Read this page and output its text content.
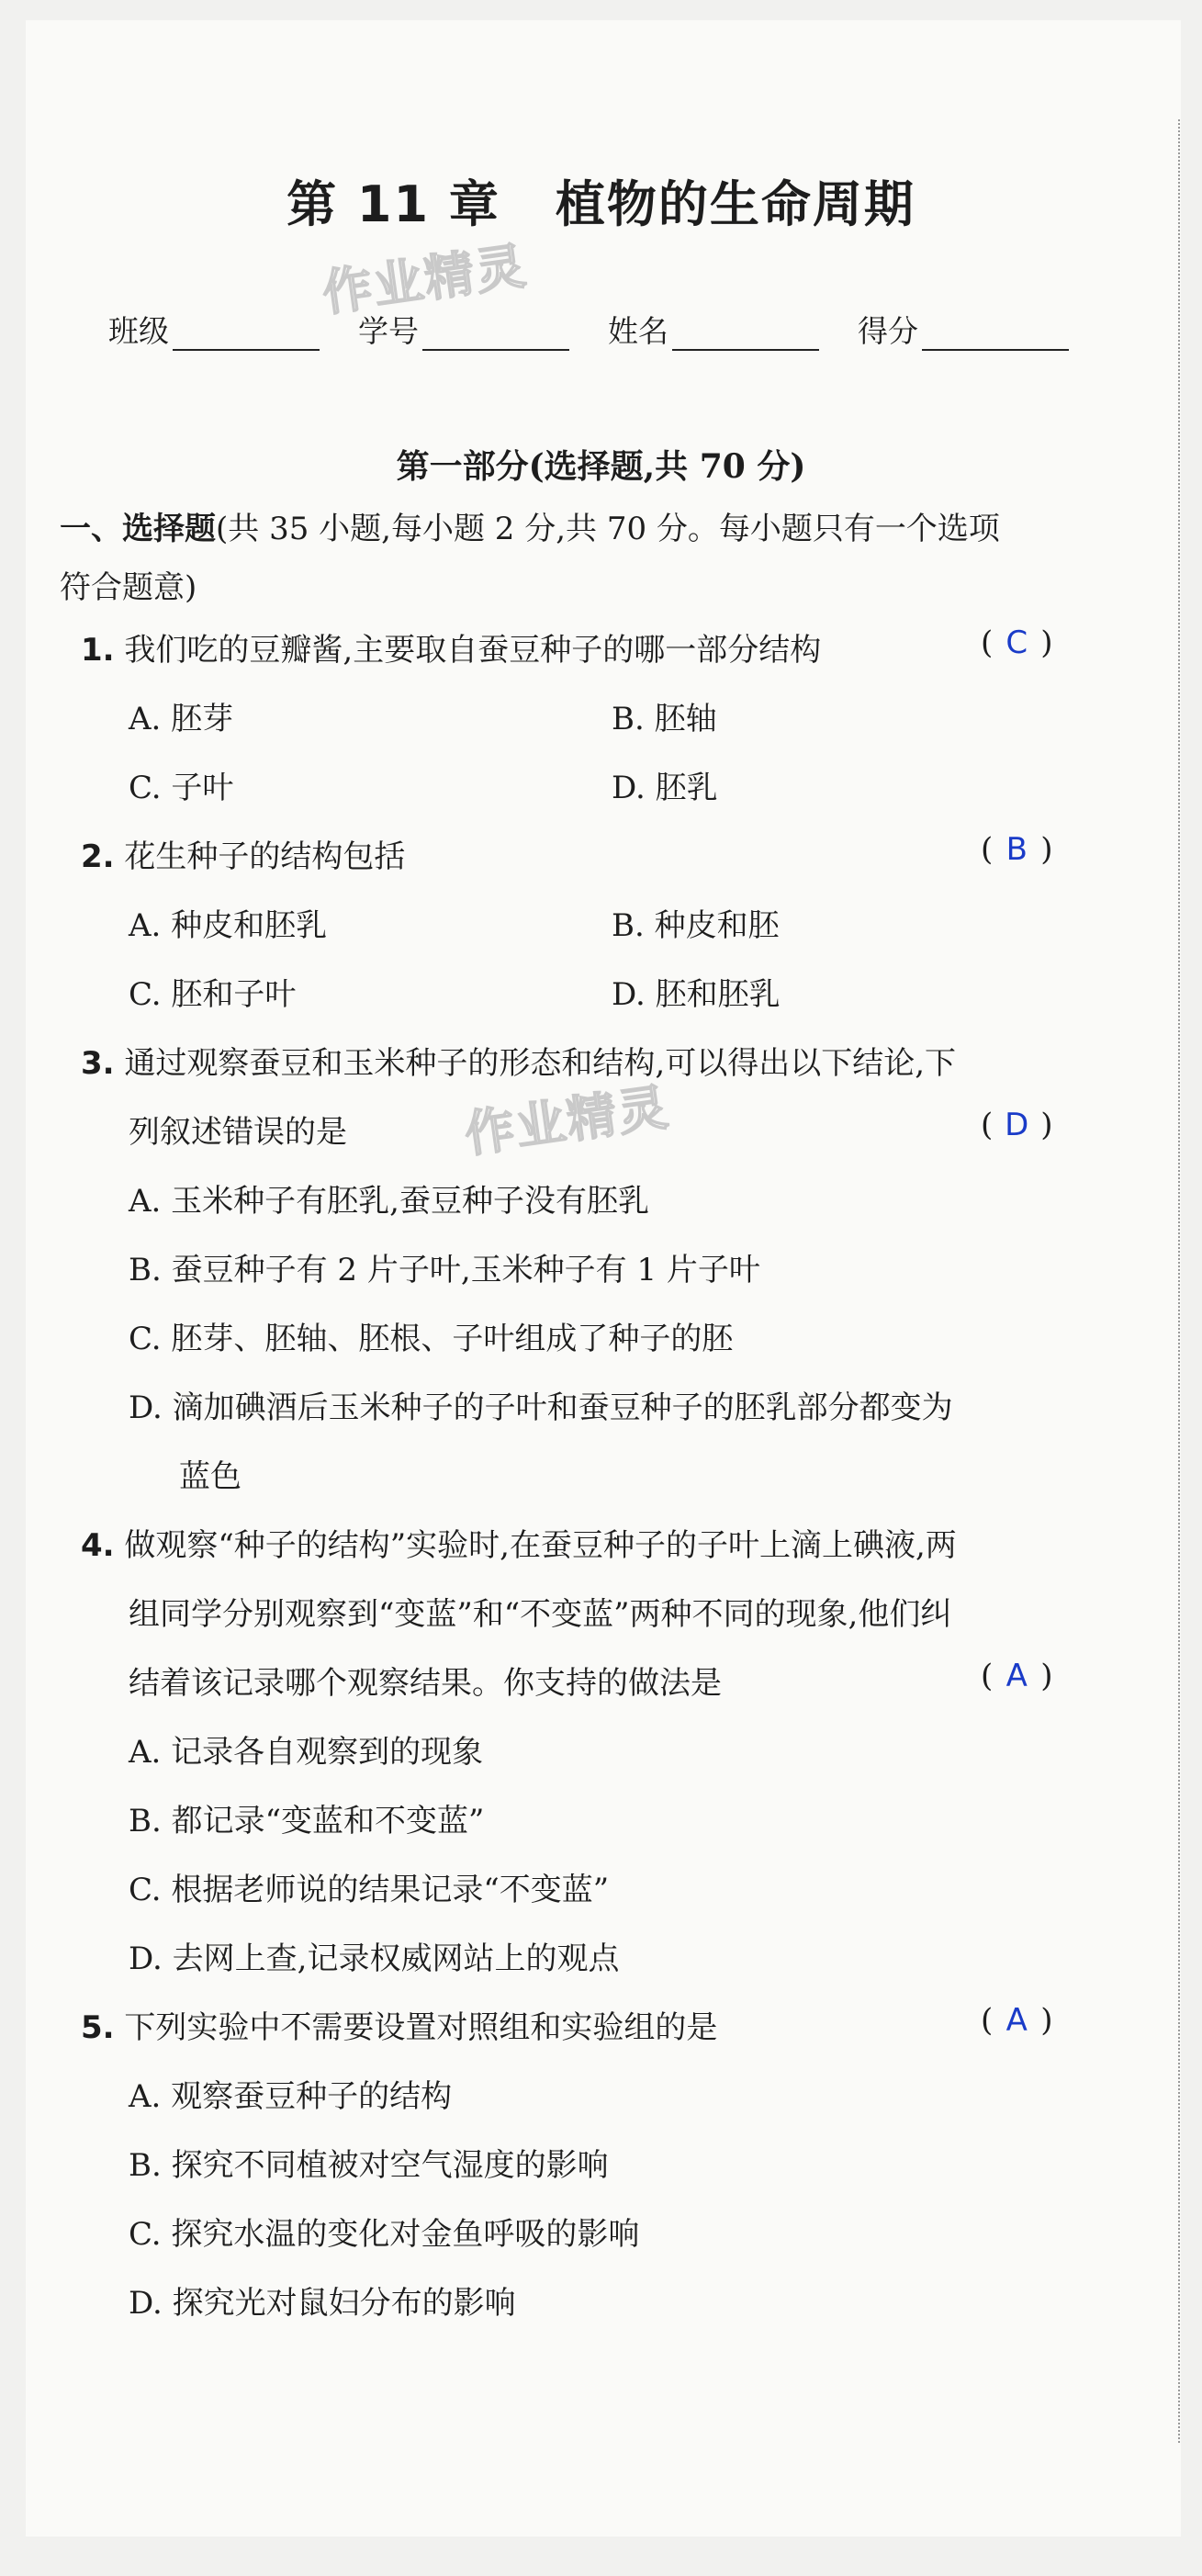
第 11 章 植物的生命周期
作业精灵
作业精灵
班级	学号	姓名	得分
第一部分(选择题,共 70 分)
一、选择题(共 35 小题,每小题 2 分,共 70 分。每小题只有一个选项
符合题意)
1. 我们吃的豆瓣酱,主要取自蚕豆种子的哪一部分结构	( C )
A. 胚芽	B. 胚轴
C. 子叶	D. 胚乳
2. 花生种子的结构包括	( B )
A. 种皮和胚乳	B. 种皮和胚
C. 胚和子叶	D. 胚和胚乳
3. 通过观察蚕豆和玉米种子的形态和结构,可以得出以下结论,下
列叙述错误的是	( D )
A. 玉米种子有胚乳,蚕豆种子没有胚乳
B. 蚕豆种子有 2 片子叶,玉米种子有 1 片子叶
C. 胚芽、胚轴、胚根、子叶组成了种子的胚
D. 滴加碘酒后玉米种子的子叶和蚕豆种子的胚乳部分都变为
蓝色
4. 做观察“种子的结构”实验时,在蚕豆种子的子叶上滴上碘液,两
组同学分别观察到“变蓝”和“不变蓝”两种不同的现象,他们纠
结着该记录哪个观察结果。你支持的做法是	( A )
A. 记录各自观察到的现象
B. 都记录“变蓝和不变蓝”
C. 根据老师说的结果记录“不变蓝”
D. 去网上查,记录权威网站上的观点
5. 下列实验中不需要设置对照组和实验组的是	( A )
A. 观察蚕豆种子的结构
B. 探究不同植被对空气湿度的影响
C. 探究水温的变化对金鱼呼吸的影响
D. 探究光对鼠妇分布的影响
